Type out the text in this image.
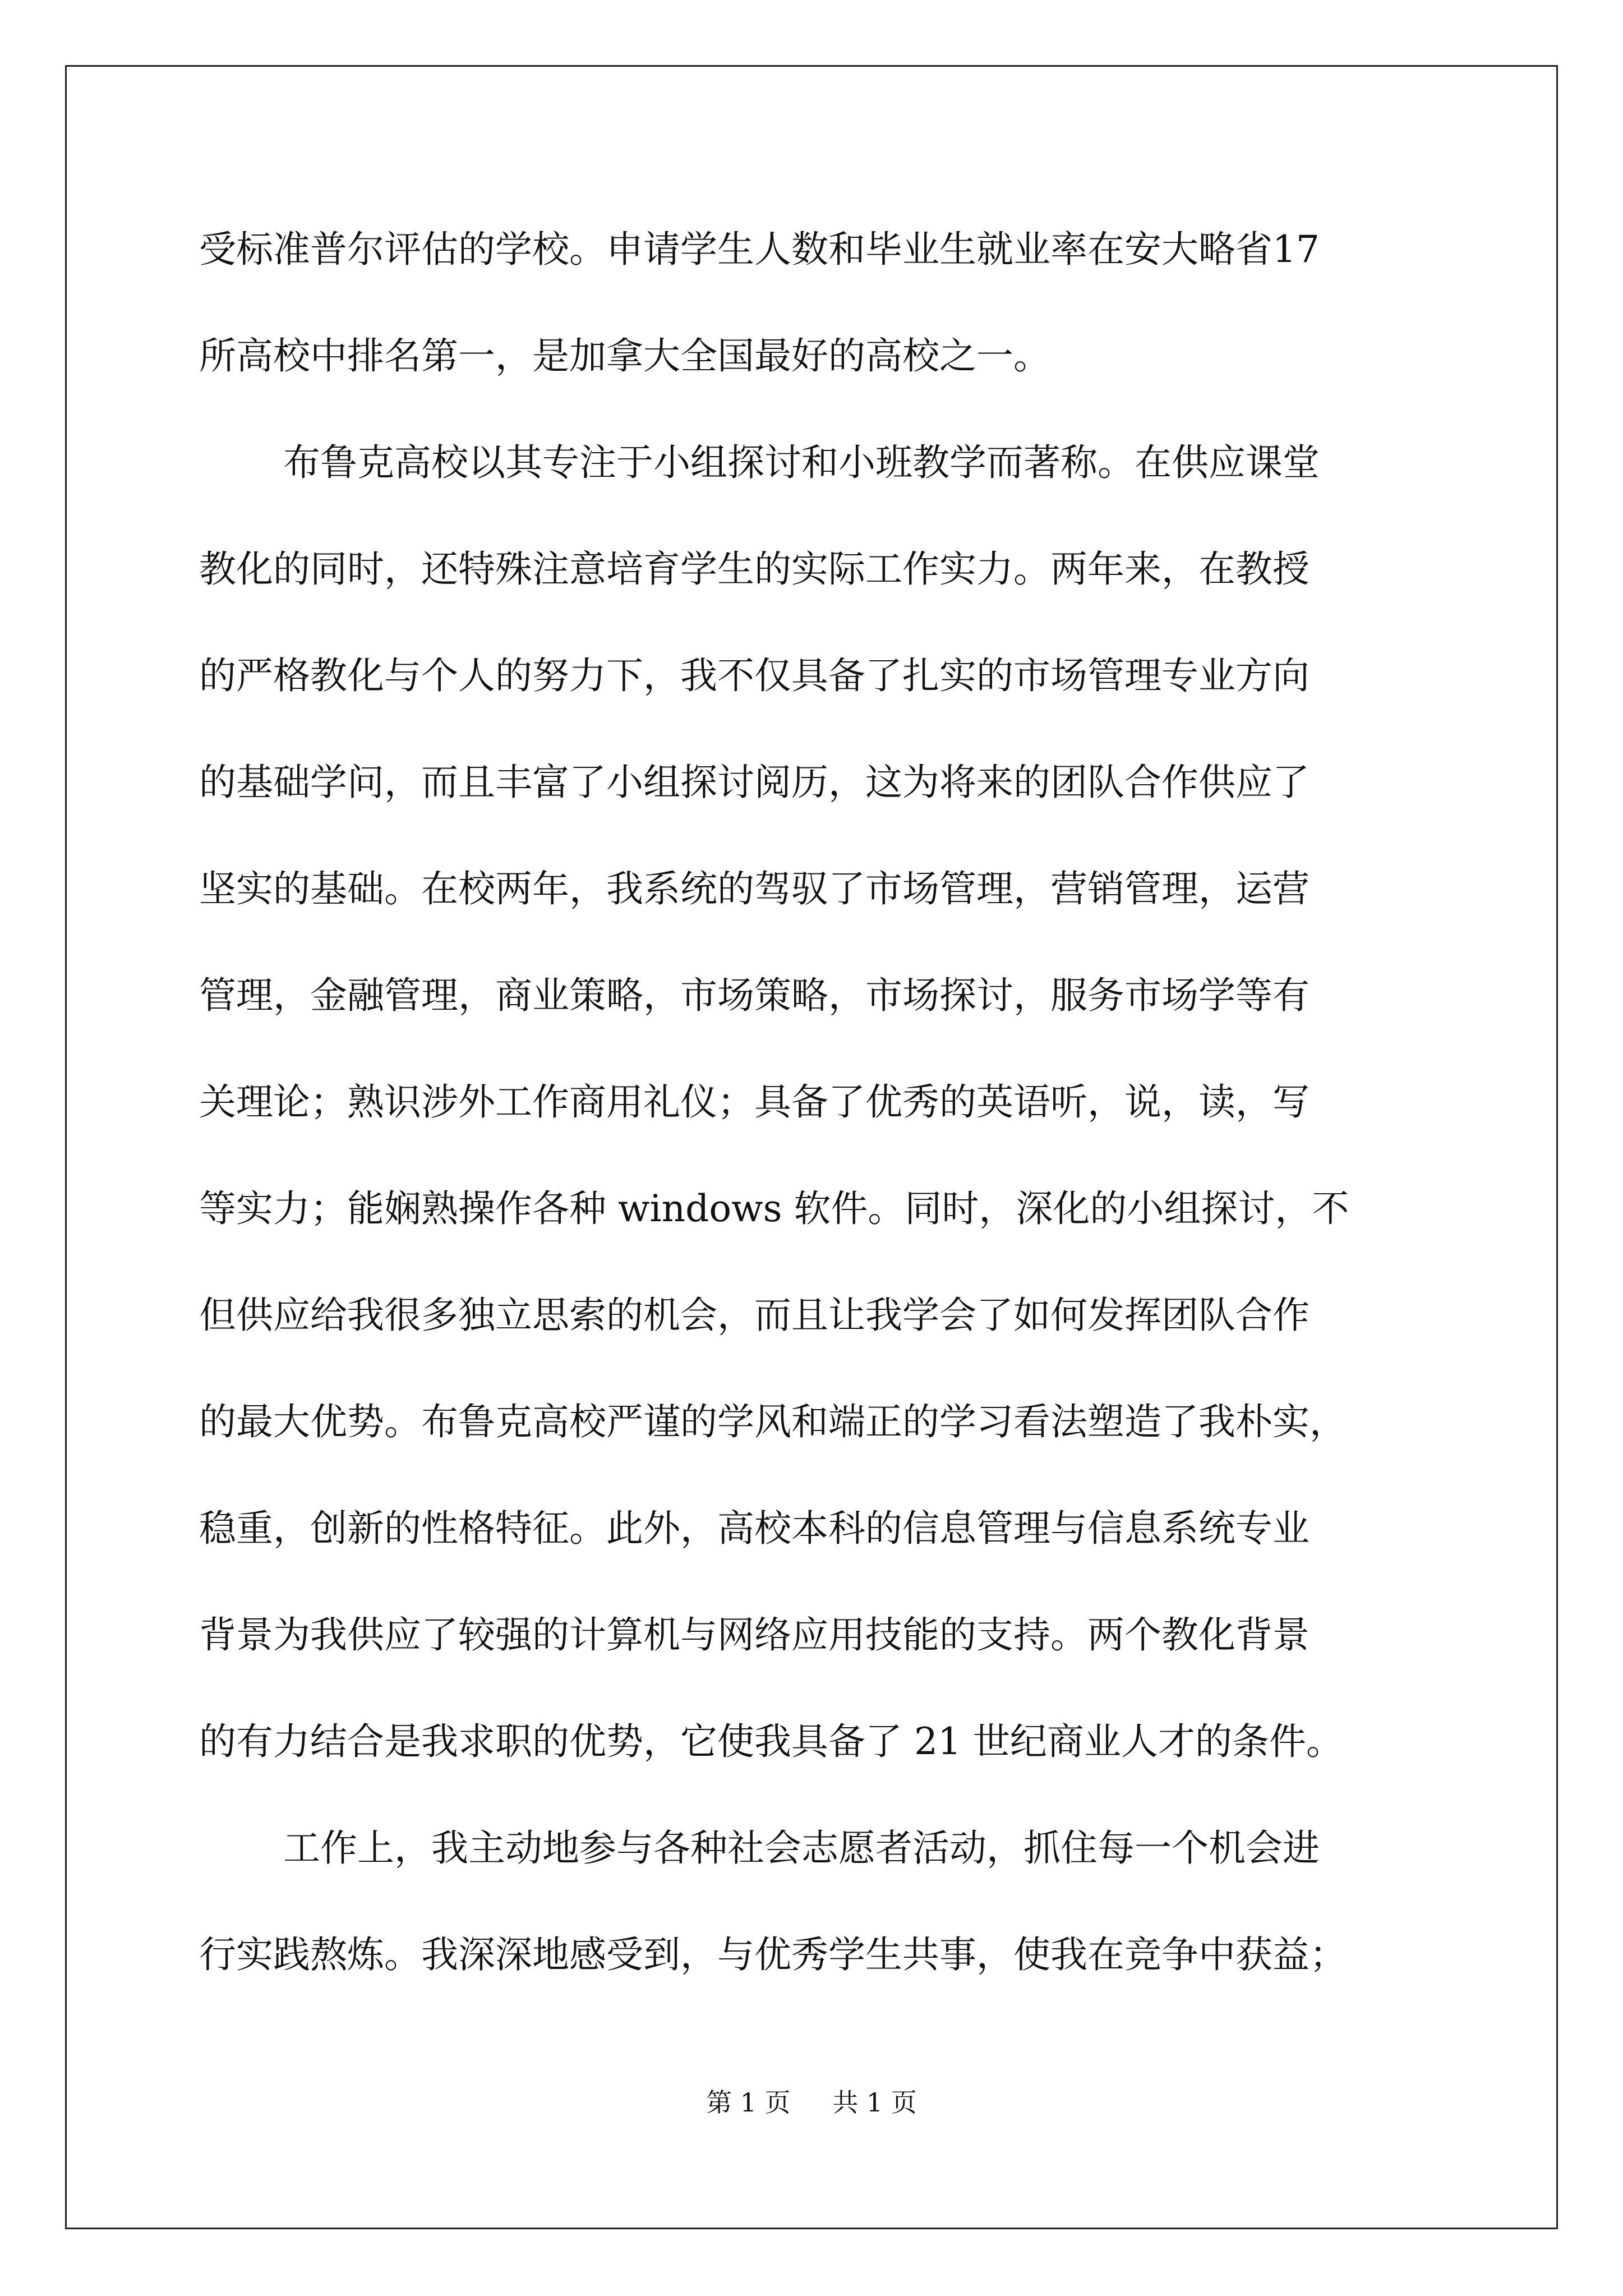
受标准普尔评估的学校。申请学生人数和毕业生就业率在安大略省17
所高校中排名第一，是加拿大全国最好的高校之一。
布鲁克高校以其专注于小组探讨和小班教学而著称。在供应课堂
教化的同时，还特殊注意培育学生的实际工作实力。两年来，在教授
的严格教化与个人的努力下，我不仅具备了扎实的市场管理专业方向
的基础学问，而且丰富了小组探讨阅历，这为将来的团队合作供应了
坚实的基础。在校两年，我系统的驾驭了市场管理，营销管理，运营
管理，金融管理，商业策略，市场策略，市场探讨，服务市场学等有
关理论；熟识涉外工作商用礼仪；具备了优秀的英语听，说，读，写
等实力；能娴熟操作各种 windows 软件。同时，深化的小组探讨，不
但供应给我很多独立思索的机会，而且让我学会了如何发挥团队合作
的最大优势。布鲁克高校严谨的学风和端正的学习看法塑造了我朴实，
稳重，创新的性格特征。此外，高校本科的信息管理与信息系统专业
背景为我供应了较强的计算机与网络应用技能的支持。两个教化背景
的有力结合是我求职的优势，它使我具备了 21 世纪商业人才的条件。
工作上，我主动地参与各种社会志愿者活动，抓住每一个机会进
行实践熬炼。我深深地感受到，与优秀学生共事，使我在竞争中获益；
第 1 页 共 1 页
